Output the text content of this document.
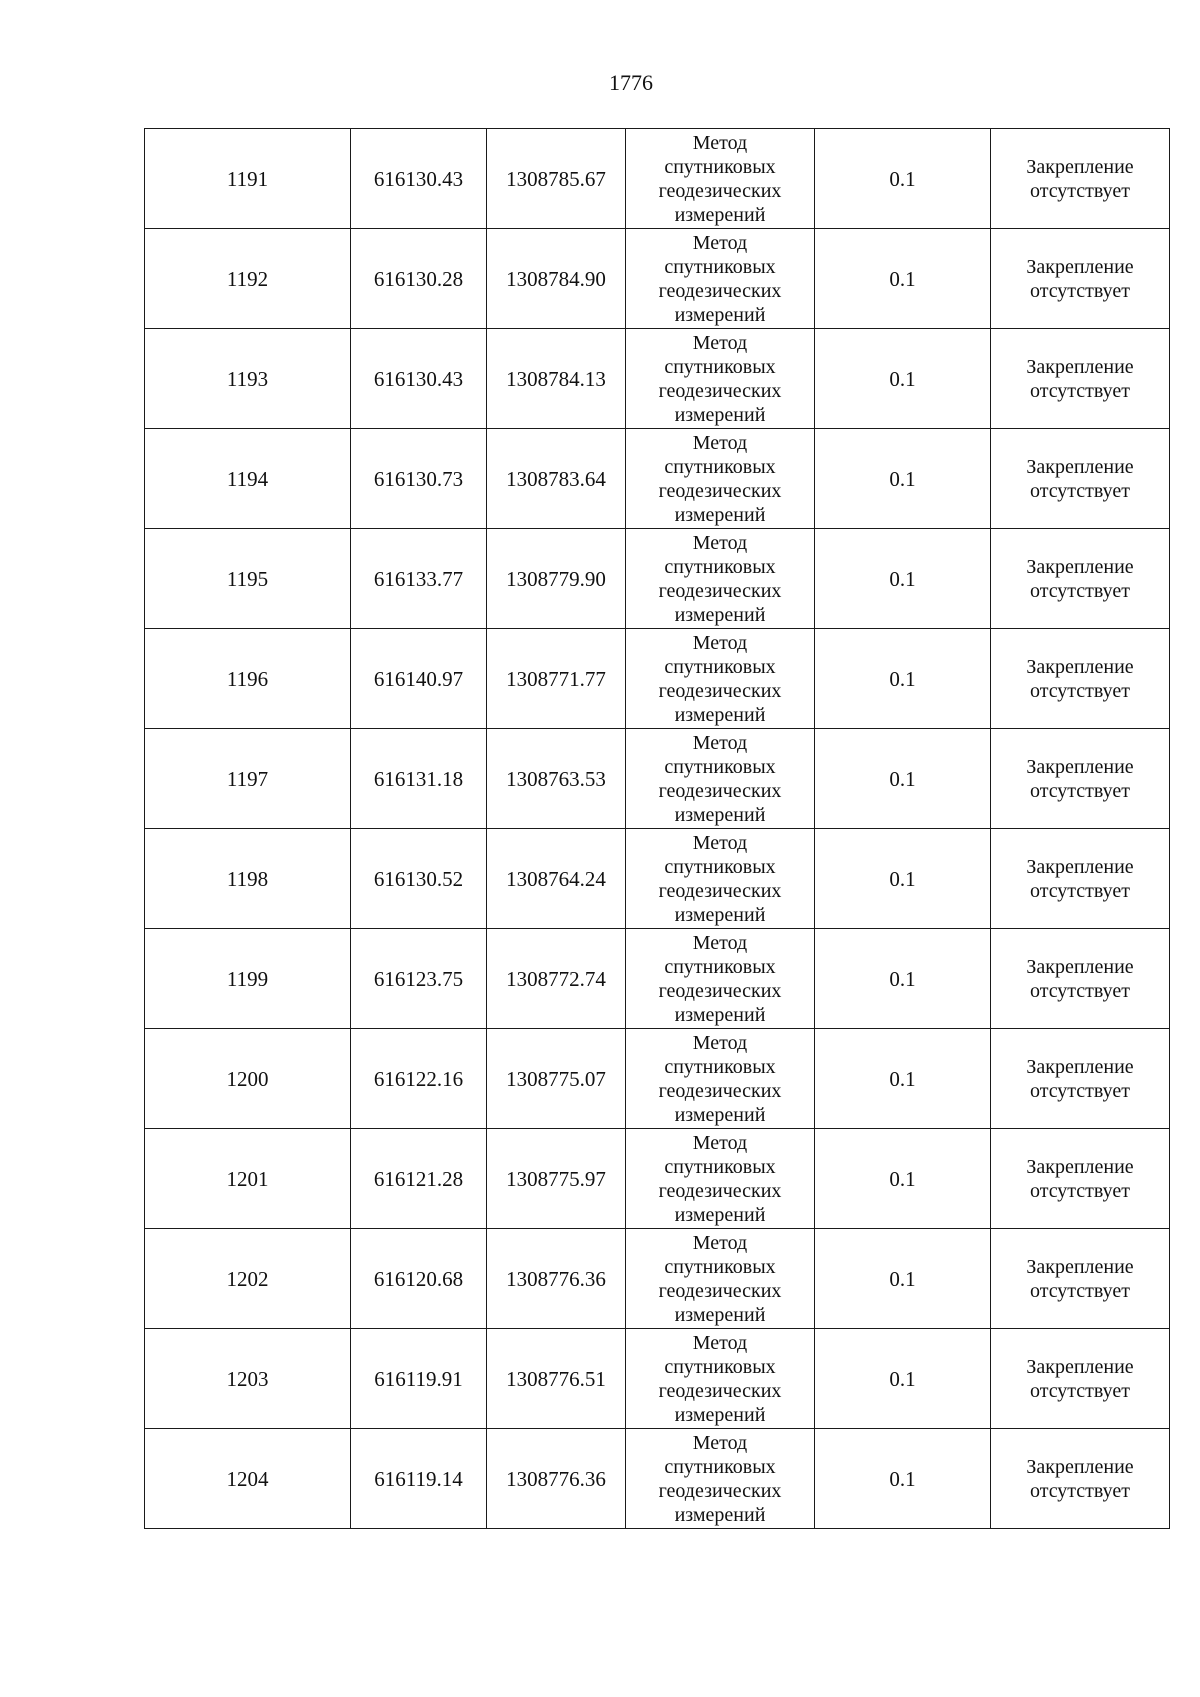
1776
1191	616130.43	1308785.67	Метод
спутниковых
геодезических
измерений	0.1	Закрепление
отсутствует

1192	616130.28	1308784.90	Метод
спутниковых
геодезических
измерений	0.1	Закрепление
отсутствует

1193	616130.43	1308784.13	Метод
спутниковых
геодезических
измерений	0.1	Закрепление
отсутствует

1194	616130.73	1308783.64	Метод
спутниковых
геодезических
измерений	0.1	Закрепление
отсутствует

1195	616133.77	1308779.90	Метод
спутниковых
геодезических
измерений	0.1	Закрепление
отсутствует

1196	616140.97	1308771.77	Метод
спутниковых
геодезических
измерений	0.1	Закрепление
отсутствует

1197	616131.18	1308763.53	Метод
спутниковых
геодезических
измерений	0.1	Закрепление
отсутствует

1198	616130.52	1308764.24	Метод
спутниковых
геодезических
измерений	0.1	Закрепление
отсутствует

1199	616123.75	1308772.74	Метод
спутниковых
геодезических
измерений	0.1	Закрепление
отсутствует

1200	616122.16	1308775.07	Метод
спутниковых
геодезических
измерений	0.1	Закрепление
отсутствует

1201	616121.28	1308775.97	Метод
спутниковых
геодезических
измерений	0.1	Закрепление
отсутствует

1202	616120.68	1308776.36	Метод
спутниковых
геодезических
измерений	0.1	Закрепление
отсутствует

1203	616119.91	1308776.51	Метод
спутниковых
геодезических
измерений	0.1	Закрепление
отсутствует

1204	616119.14	1308776.36	Метод
спутниковых
геодезических
измерений	0.1	Закрепление
отсутствует
